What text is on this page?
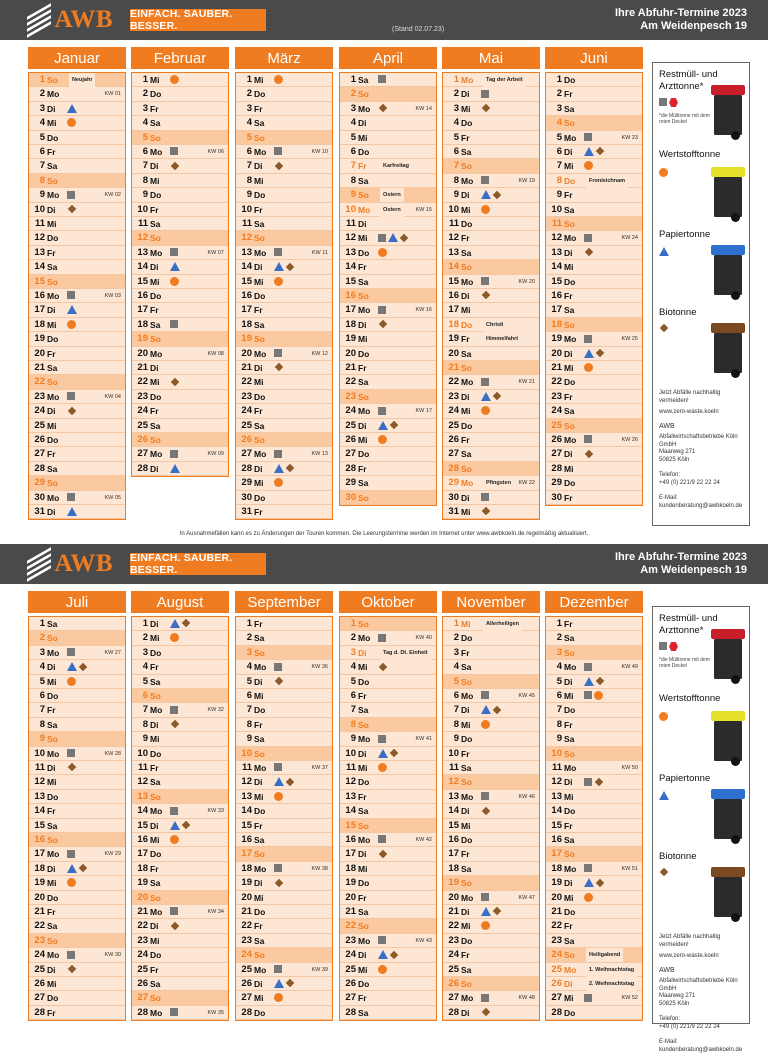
AWB EINFACH. SAUBER. BESSER.	(Stand 02.07.23)
Ihre Abfuhr-Termine 2023
Am Weidenpesch 19
Januar
1 So	Neujahr
2 Mo	KW 01
3 Di
4 Mi
5 Do
6 Fr
7 Sa
8 So
9 Mo	KW 02
10 Di
11 Mi
12 Do
13 Fr
14 Sa
15 So
16 Mo	KW 03
17 Di
18 Mi
19 Do
20 Fr
21 Sa
22 So
23 Mo	KW 04
24 Di
25 Mi
26 Do
27 Fr
28 Sa
29 So
30 Mo	KW 05
31 Di
Februar
1 Mi
2 Do
3 Fr
4 Sa
5 So
6 Mo	KW 06
7 Di
8 Mi
9 Do
10 Fr
11 Sa
12 So
13 Mo	KW 07
14 Di
15 Mi
16 Do
17 Fr
18 Sa
19 So
20 Mo	KW 08
21 Di
22 Mi
23 Do
24 Fr
25 Sa
26 So
27 Mo	KW 09
28 Di
März
1 Mi
2 Do
3 Fr
4 Sa
5 So
6 Mo	KW 10
7 Di
8 Mi
9 Do
10 Fr
11 Sa
12 So
13 Mo	KW 11
14 Di
15 Mi
16 Do
17 Fr
18 Sa
19 So
20 Mo	KW 12
21 Di
22 Mi
23 Do
24 Fr
25 Sa
26 So
27 Mo	KW 13
28 Di
29 Mi
30 Do
31 Fr
April
1 Sa
2 So
3 Mo	KW 14
4 Di
5 Mi
6 Do
7 Fr	Karfreitag
8 Sa
9 So	Ostern
10 Mo	Ostern	KW 15
11 Di
12 Mi
13 Do
14 Fr
15 Sa
16 So
17 Mo	KW 16
18 Di
19 Mi
20 Do
21 Fr
22 Sa
23 So
24 Mo	KW 17
25 Di
26 Mi
27 Do
28 Fr
29 Sa
30 So
Mai
1 Mo	Tag der Arbeit
2 Di
3 Mi
4 Do
5 Fr
6 Sa
7 So
8 Mo	KW 19
9 Di
10 Mi
11 Do
12 Fr
13 Sa
14 So
15 Mo	KW 20
16 Di
17 Mi
18 Do	Christi Himmelfahrt
19 Fr
20 Sa
21 So
22 Mo	KW 21
23 Di
24 Mi
25 Do
26 Fr
27 Sa
28 So
29 Mo	Pfingsten	KW 22
30 Di
31 Mi
Juni
1 Do
2 Fr
3 Sa
4 So
5 Mo	KW 23
6 Di
7 Mi
8 Do	Fronleichnam
9 Fr
10 Sa
11 So
12 Mo	KW 24
13 Di
14 Mi
15 Do
16 Fr
17 Sa
18 So
19 Mo	KW 25
20 Di
21 Mi
22 Do
23 Fr
24 Sa
25 So
26 Mo	KW 26
27 Di
28 Mi
29 Do
30 Fr
Restmüll- und Arzttonne*
*die Mülltonne mit dem roten Deckel
Wertstofftonne
Papiertonne
Biotonne
Jetzt Abfälle nachhaltig vermeiden!
www.zero-waste.koeln
AWB
Abfallwirtschaftsbetriebe Köln GmbH
Maarweg 271
50825 Köln
Telefon:
+49 (0) 221/9 22 22 24
E-Mail:
kundenberatung@awbkoeln.de
In Ausnahmefällen kann es zu Änderungen der Touren kommen. Die Leerungstermine werden im Internet unter www.awbkoeln.de regelmäßig aktualisiert.
AWB EINFACH. SAUBER. BESSER.
Ihre Abfuhr-Termine 2023
Am Weidenpesch 19
Juli
1 Sa
2 So
3 Mo	KW 27
4 Di
5 Mi
6 Do
7 Fr
8 Sa
9 So
10 Mo	KW 28
11 Di
12 Mi
13 Do
14 Fr
15 Sa
16 So
17 Mo	KW 29
18 Di
19 Mi
20 Do
21 Fr
22 Sa
23 So
24 Mo	KW 30
25 Di
26 Mi
27 Do
28 Fr
August
1 Di
2 Mi
3 Do
4 Fr
5 Sa
6 So
7 Mo	KW 32
8 Di
9 Mi
10 Do
11 Fr
12 Sa
13 So
14 Mo	KW 33
15 Di
16 Mi
17 Do
18 Fr
19 Sa
20 So
21 Mo	KW 34
22 Di
23 Mi
24 Do
25 Fr
26 Sa
27 So
28 Mo	KW 35
September
1 Fr
2 Sa
3 So
4 Mo	KW 36
5 Di
6 Mi
7 Do
8 Fr
9 Sa
10 So
11 Mo	KW 37
12 Di
13 Mi
14 Do
15 Fr
16 Sa
17 So
18 Mo	KW 38
19 Di
20 Mi
21 Do
22 Fr
23 Sa
24 So
25 Mo	KW 39
26 Di
27 Mi
28 Do
Oktober
1 So
2 Mo	KW 40
3 Di	Tag d. Dt. Einheit
4 Mi
5 Do
6 Fr
7 Sa
8 So
9 Mo	KW 41
10 Di
11 Mi
12 Do
13 Fr
14 Sa
15 So
16 Mo	KW 42
17 Di
18 Mi
19 Do
20 Fr
21 Sa
22 So
23 Mo	KW 43
24 Di
25 Mi
26 Do
27 Fr
28 Sa
November
1 Mi	Allerheiligen
2 Do
3 Fr
4 Sa
5 So
6 Mo	KW 45
7 Di
8 Mi
9 Do
10 Fr
11 Sa
12 So
13 Mo	KW 46
14 Di
15 Mi
16 Do
17 Fr
18 Sa
19 So
20 Mo	KW 47
21 Di
22 Mi
23 Do
24 Fr
25 Sa
26 So
27 Mo	KW 48
28 Di
Dezember
1 Fr
2 Sa
3 So
4 Mo	KW 49
5 Di
6 Mi
7 Do
8 Fr
9 Sa
10 So
11 Mo	KW 50
12 Di
13 Mi
14 Do
15 Fr
16 Sa
17 So
18 Mo	KW 51
19 Di
20 Mi
21 Do
22 Fr
23 Sa
24 So	Heiligabend
25 Mo	1. Weihnachtstag
26 Di	2. Weihnachtstag
27 Mi	KW 52
28 Do
Restmüll- und Arzttonne*
*die Mülltonne mit dem roten Deckel
Wertstofftonne
Papiertonne
Biotonne
Jetzt Abfälle nachhaltig vermeiden!
www.zero-waste.koeln
AWB
Abfallwirtschaftsbetriebe Köln GmbH
Maarweg 271
50825 Köln
Telefon:
+49 (0) 221/9 22 22 24
E-Mail:
kundenberatung@awbkoeln.de
